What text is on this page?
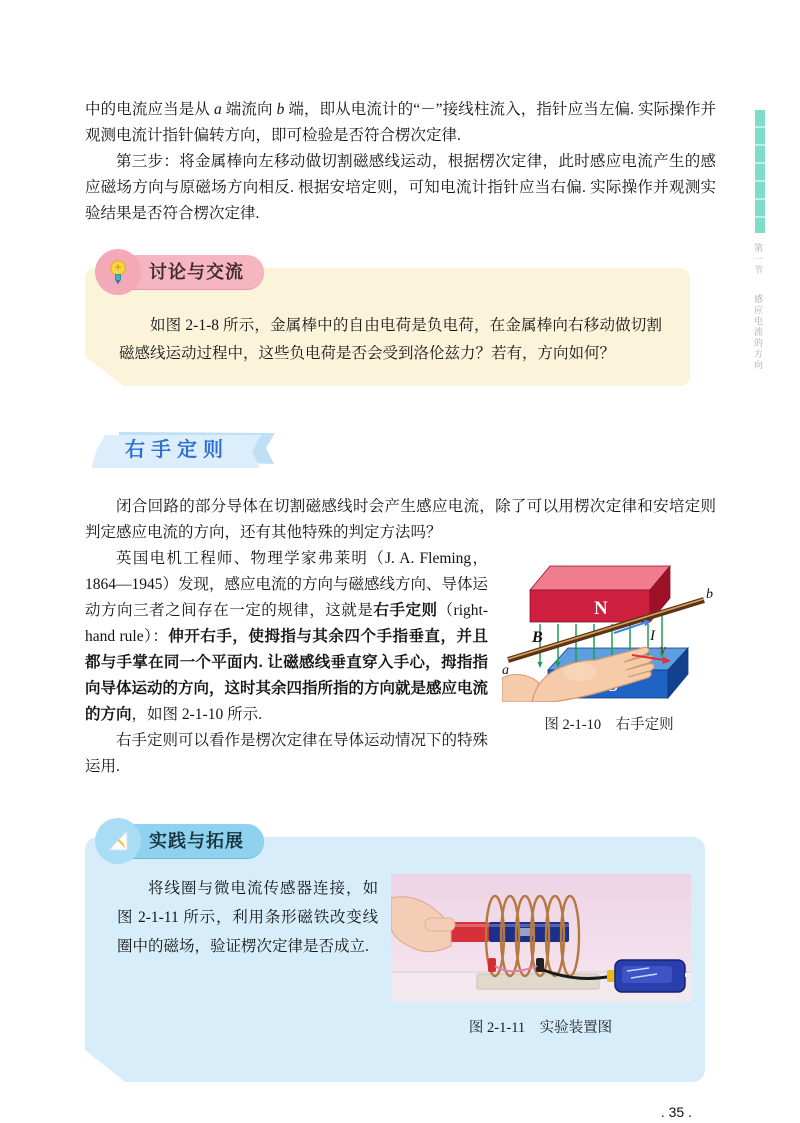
第一节感应电流的方向

中的电流应当是从 a 端流向 b 端，即从电流计的“－”接线柱流入，指针应当左偏. 实际操作并观测电流计指针偏转方向，即可检验是否符合楞次定律.

第三步：将金属棒向左移动做切割磁感线运动，根据楞次定律，此时感应电流产生的感应磁场方向与原磁场方向相反. 根据安培定则，可知电流计指针应当右偏. 实际操作并观测实验结果是否符合楞次定律.

讨论与交流

如图 2-1-8 所示，金属棒中的自由电荷是负电荷，在金属棒向右移动做切割磁感线运动过程中，这些负电荷是否会受到洛伦兹力？若有，方向如何？

右手定则

闭合回路的部分导体在切割磁感线时会产生感应电流，除了可以用楞次定律和安培定则判定感应电流的方向，还有其他特殊的判定方法吗？

N
I
v
B
a
b
图 2-1-10　右手定则

英国电机工程师、物理学家弗莱明（J. A. Fleming，1864—1945）发现，感应电流的方向与磁感线方向、导体运动方向三者之间存在一定的规律，这就是右手定则（right-hand rule）：伸开右手，使拇指与其余四个手指垂直，并且都与手掌在同一个平面内. 让磁感线垂直穿入手心，拇指指向导体运动的方向，这时其余四指所指的方向就是感应电流的方向，如图 2-1-10 所示.

右手定则可以看作是楞次定律在导体运动情况下的特殊运用.

实践与拓展
将线圈与微电流传感器连接，如图 2-1-11 所示，利用条形磁铁改变线圈中的磁场，验证楞次定律是否成立.
图 2-1-11　实验装置图
. 35 .
